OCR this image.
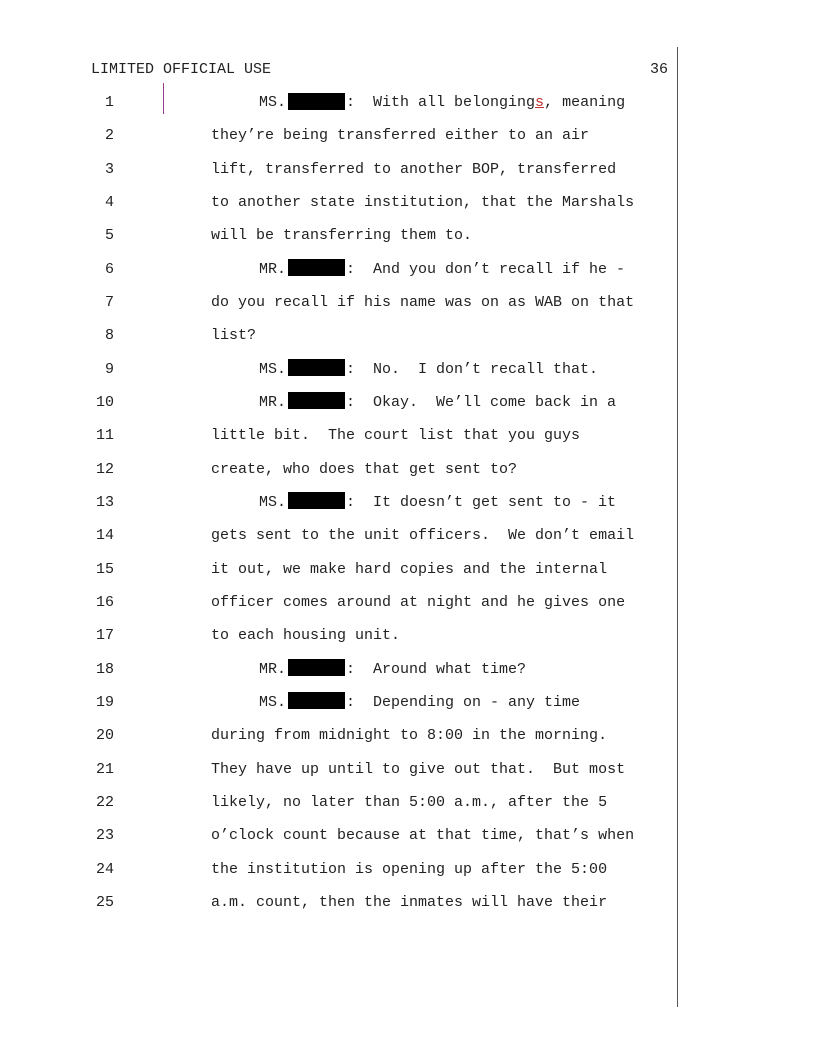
LIMITED OFFICIAL USE	36
1	MS.	:  With all belongings, meaning
2	they’re being transferred either to an air
3	lift, transferred to another BOP, transferred
4	to another state institution, that the Marshals
5	will be transferring them to.
6	MR.	:  And you don’t recall if he -
7	do you recall if his name was on as WAB on that
8	list?
9	MS.	:  No.  I don’t recall that.
10	MR.	:  Okay.  We’ll come back in a
11	little bit.  The court list that you guys
12	create, who does that get sent to?
13	MS.	:  It doesn’t get sent to - it
14	gets sent to the unit officers.  We don’t email
15	it out, we make hard copies and the internal
16	officer comes around at night and he gives one
17	to each housing unit.
18	MR.	:  Around what time?
19	MS.	:  Depending on - any time
20	during from midnight to 8:00 in the morning.
21	They have up until to give out that.  But most
22	likely, no later than 5:00 a.m., after the 5
23	o’clock count because at that time, that’s when
24	the institution is opening up after the 5:00
25	a.m. count, then the inmates will have their
